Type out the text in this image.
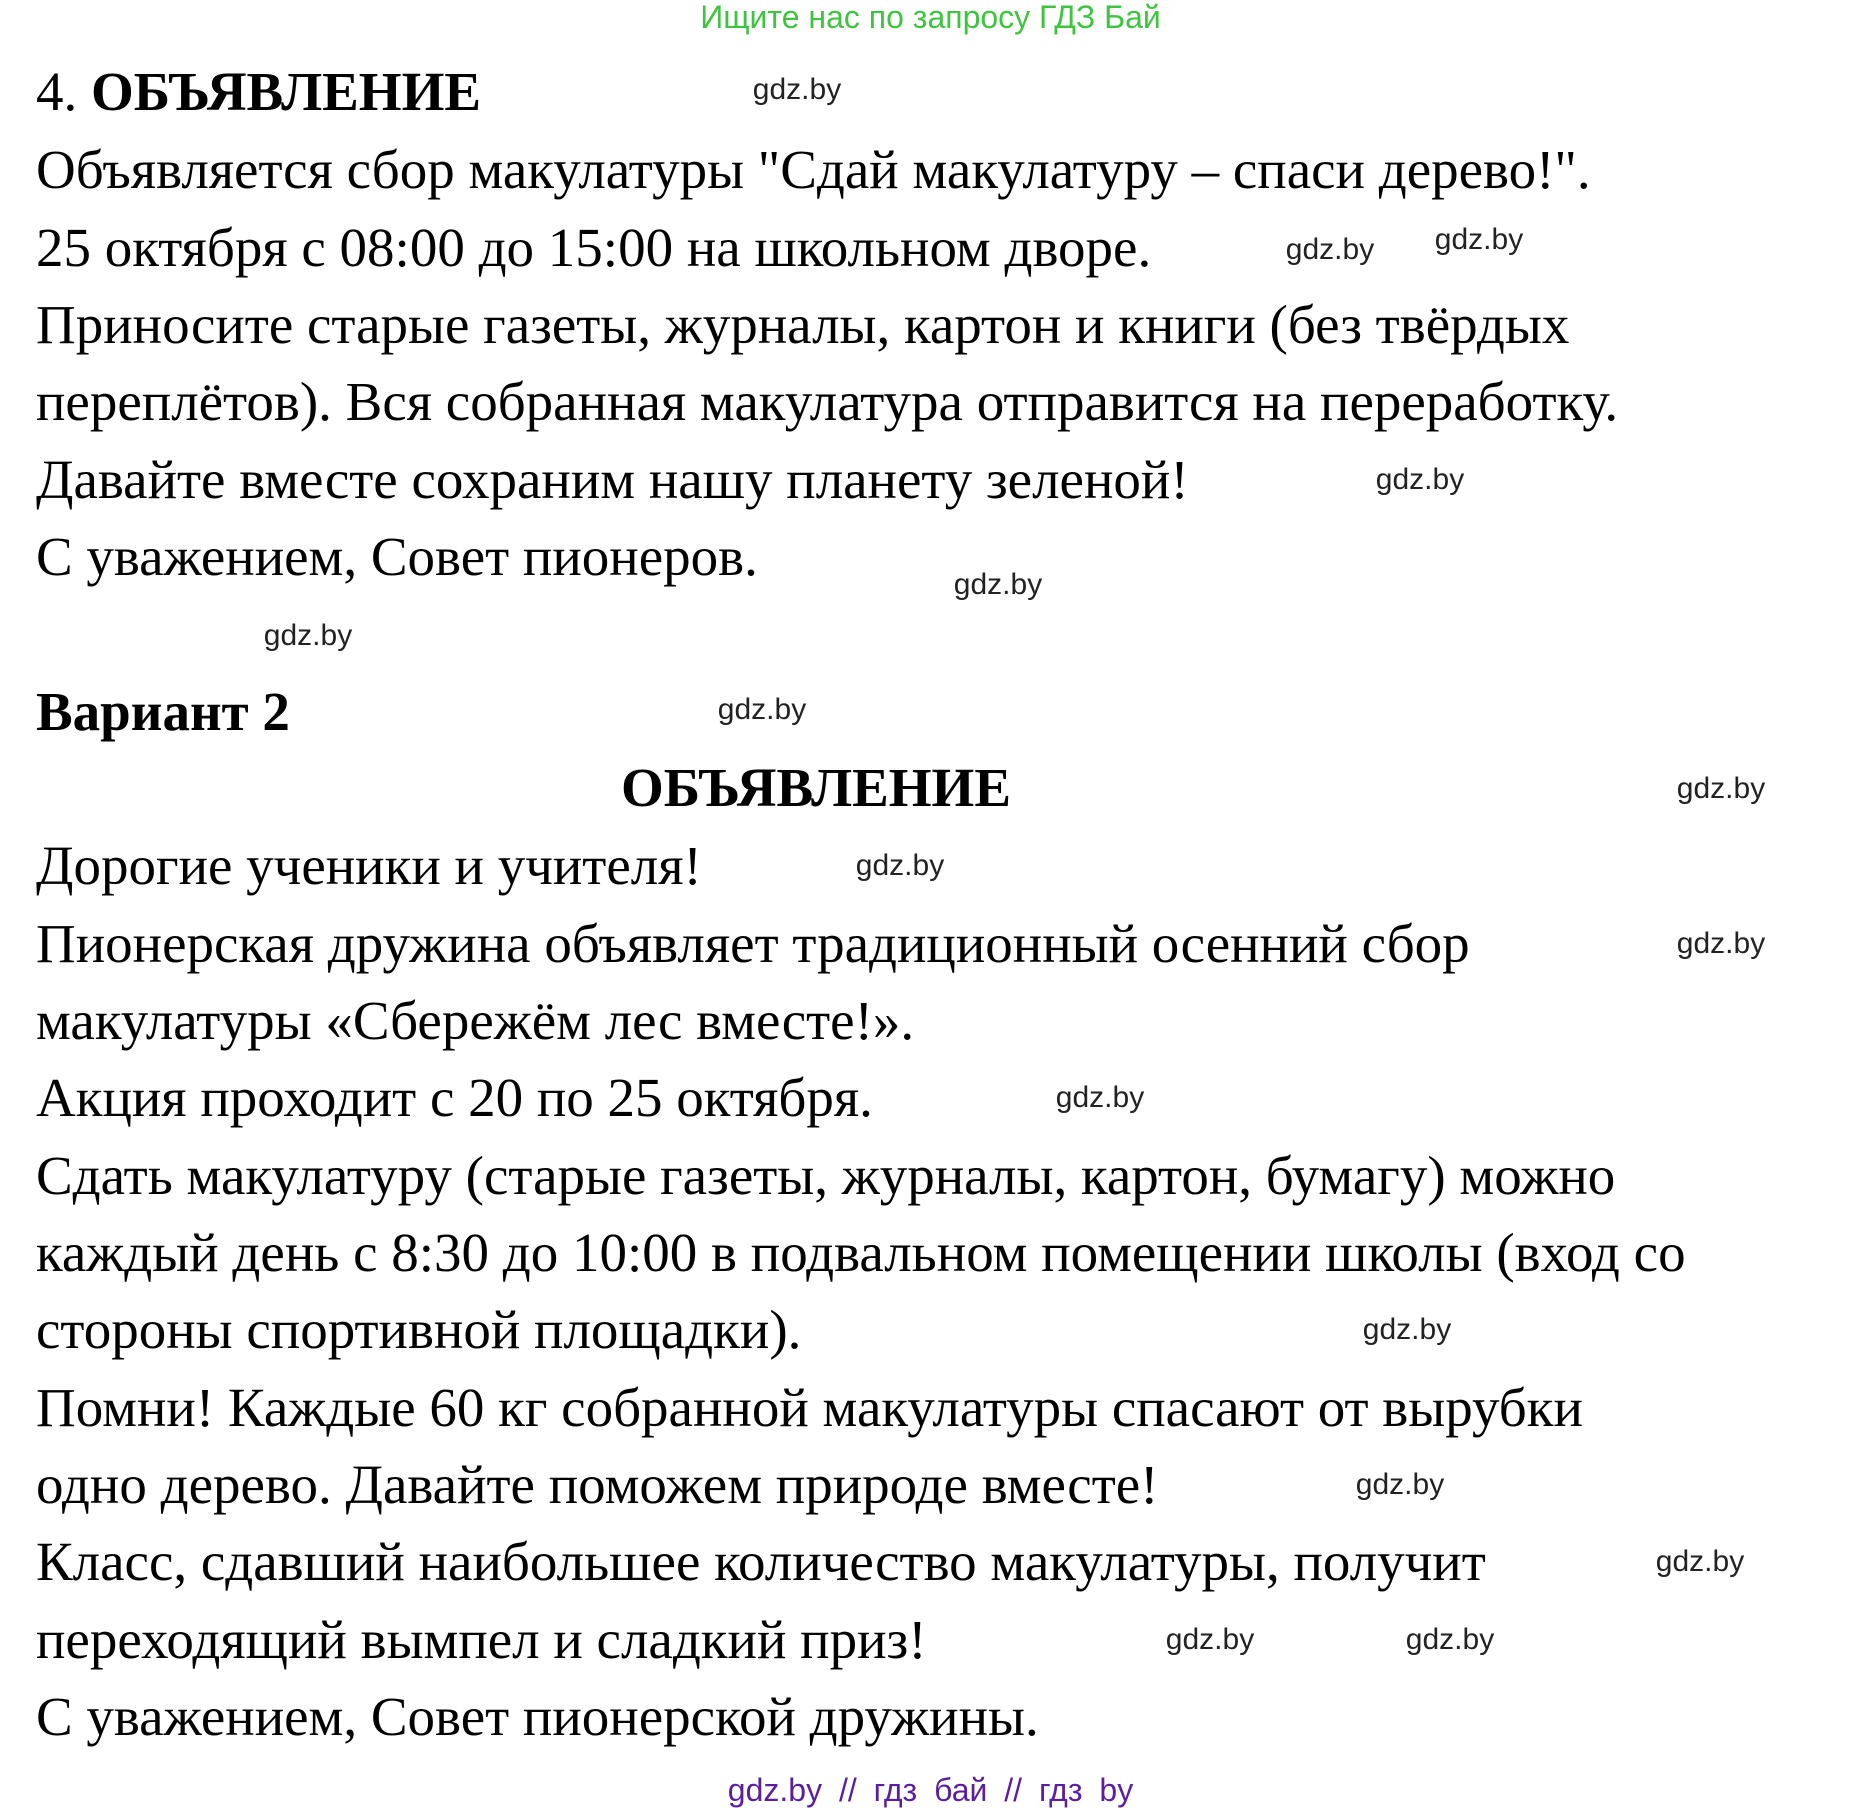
Ищите нас по запросу ГДЗ Бай
4. ОБЪЯВЛЕНИЕ
Объявляется сбор макулатуры "Сдай макулатуру – спаси дерево!".
25 октября с 08:00 до 15:00 на школьном дворе.
Приносите старые газеты, журналы, картон и книги (без твёрдых
переплётов). Вся собранная макулатура отправится на переработку.
Давайте вместе сохраним нашу планету зеленой!
С уважением, Совет пионеров.
Вариант 2
ОБЪЯВЛЕНИЕ
Дорогие ученики и учителя!
Пионерская дружина объявляет традиционный осенний сбор
макулатуры «Сбережём лес вместе!».
Акция проходит с 20 по 25 октября.
Сдать макулатуру (старые газеты, журналы, картон, бумагу) можно
каждый день с 8:30 до 10:00 в подвальном помещении школы (вход со
стороны спортивной площадки).
Помни! Каждые 60 кг собранной макулатуры спасают от вырубки
одно дерево. Давайте поможем природе вместе!
Класс, сдавший наибольшее количество макулатуры, получит
переходящий вымпел и сладкий приз!
С уважением, Совет пионерской дружины.
gdz.by
gdz.by
gdz.by
gdz.by
gdz.by
gdz.by
gdz.by
gdz.by
gdz.by
gdz.by
gdz.by
gdz.by
gdz.by
gdz.by
gdz.by
gdz.by
gdz.by // гдз бай // гдз by
